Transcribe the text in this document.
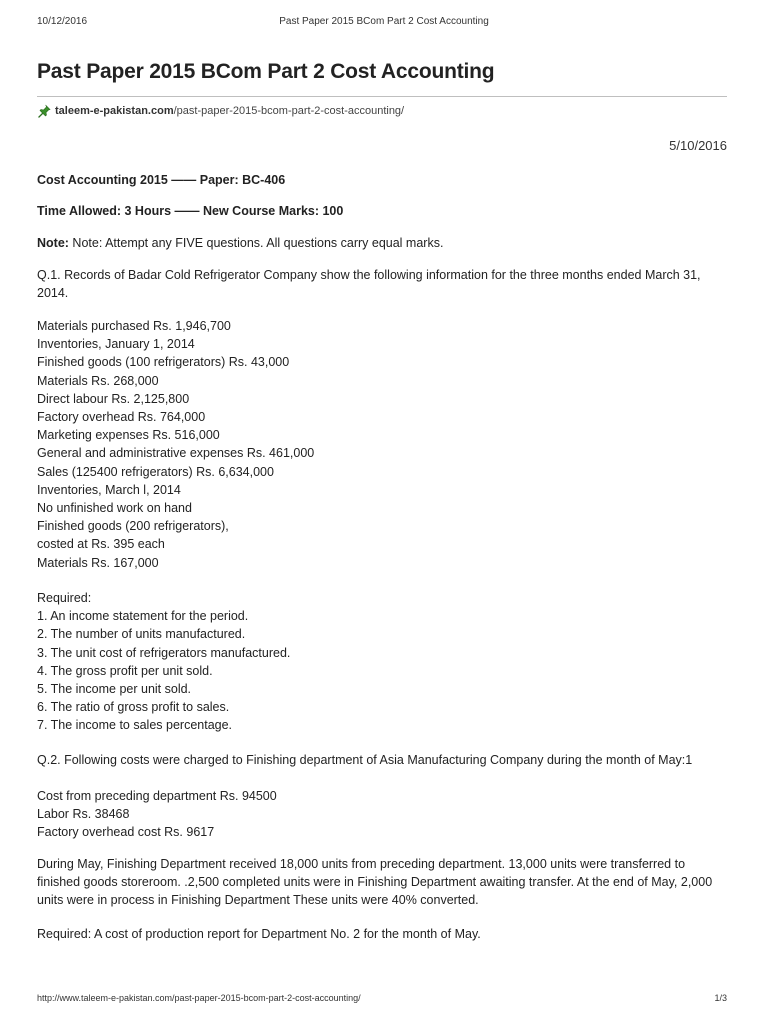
10/12/2016	Past Paper 2015 BCom Part 2 Cost Accounting
Past Paper 2015 BCom Part 2 Cost Accounting
taleem-e-pakistan.com /past-paper-2015-bcom-part-2-cost-accounting/
5/10/2016
Cost Accounting 2015 —— Paper: BC-406
Time Allowed: 3 Hours —— New Course Marks: 100
Note: Note: Attempt any FIVE questions. All questions carry equal marks.
Q.1. Records of Badar Cold Refrigerator Company show the following information for the three months ended March 31, 2014.
Materials purchased Rs. 1,946,700
Inventories, January 1, 2014
Finished goods (100 refrigerators) Rs. 43,000
Materials Rs. 268,000
Direct labour Rs. 2,125,800
Factory overhead Rs. 764,000
Marketing expenses Rs. 516,000
General and administrative expenses Rs. 461,000
Sales (125400 refrigerators) Rs. 6,634,000
Inventories, March l, 2014
No unfinished work on hand
Finished goods (200 refrigerators),
costed at Rs. 395 each
Materials Rs. 167,000
Required:
1. An income statement for the period.
2. The number of units manufactured.
3. The unit cost of refrigerators manufactured.
4. The gross profit per unit sold.
5. The income per unit sold.
6. The ratio of gross profit to sales.
7. The income to sales percentage.
Q.2. Following costs were charged to Finishing department of Asia Manufacturing Company during the month of May:1
Cost from preceding department Rs. 94500
Labor Rs. 38468
Factory overhead cost Rs. 9617
During May, Finishing Department received 18,000 units from preceding department. 13,000 units were transferred to finished goods storeroom. .2,500 completed units were in Finishing Department awaiting transfer. At the end of May, 2,000 units were in process in Finishing Department These units were 40% converted.
Required: A cost of production report for Department No. 2 for the month of May.
http://www.taleem-e-pakistan.com/past-paper-2015-bcom-part-2-cost-accounting/	1/3
